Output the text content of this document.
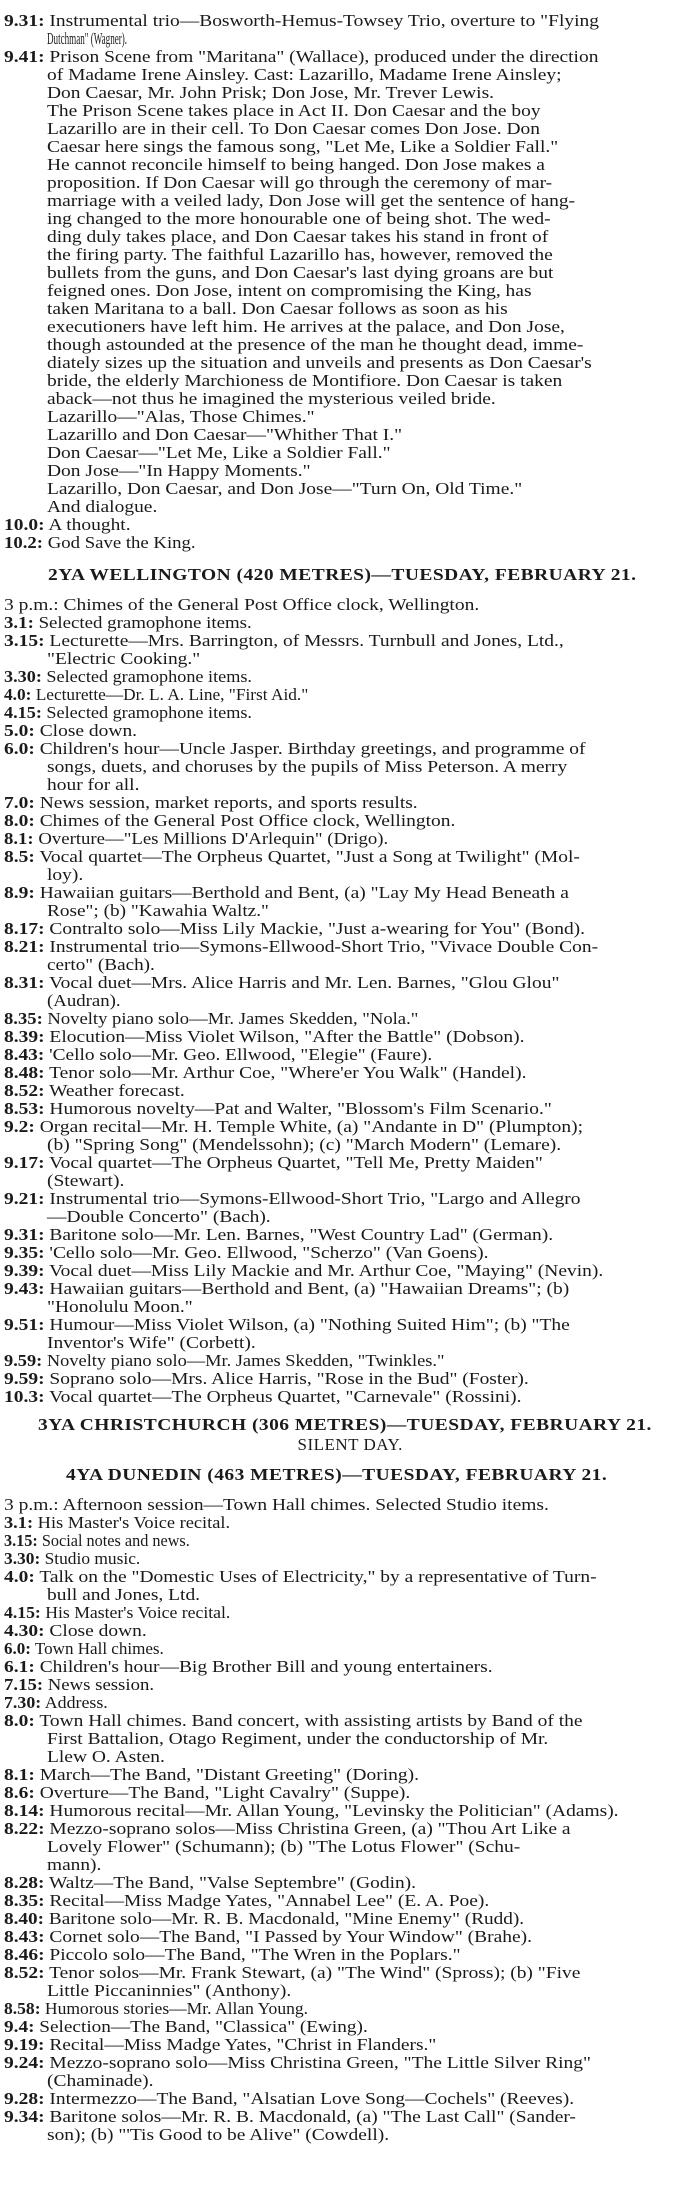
9.31: Instrumental trio—Bosworth-Hemus-Towsey Trio, overture to "Flying
Dutchman" (Wagner).
9.41: Prison Scene from "Maritana" (Wallace), produced under the direction
of Madame Irene Ainsley. Cast: Lazarillo, Madame Irene Ainsley;
Don Caesar, Mr. John Prisk; Don Jose, Mr. Trever Lewis.
The Prison Scene takes place in Act II. Don Caesar and the boy
Lazarillo are in their cell. To Don Caesar comes Don Jose. Don
Caesar here sings the famous song, "Let Me, Like a Soldier Fall."
He cannot reconcile himself to being hanged. Don Jose makes a
proposition. If Don Caesar will go through the ceremony of mar-
marriage with a veiled lady, Don Jose will get the sentence of hang-
ing changed to the more honourable one of being shot. The wed-
ding duly takes place, and Don Caesar takes his stand in front of
the firing party. The faithful Lazarillo has, however, removed the
bullets from the guns, and Don Caesar's last dying groans are but
feigned ones. Don Jose, intent on compromising the King, has
taken Maritana to a ball. Don Caesar follows as soon as his
executioners have left him. He arrives at the palace, and Don Jose,
though astounded at the presence of the man he thought dead, imme-
diately sizes up the situation and unveils and presents as Don Caesar's
bride, the elderly Marchioness de Montifiore. Don Caesar is taken
aback—not thus he imagined the mysterious veiled bride.
Lazarillo—"Alas, Those Chimes."
Lazarillo and Don Caesar—"Whither That I."
Don Caesar—"Let Me, Like a Soldier Fall."
Don Jose—"In Happy Moments."
Lazarillo, Don Caesar, and Don Jose—"Turn On, Old Time."
And dialogue.
10.0: A thought.
10.2: God Save the King.
2YA WELLINGTON (420 METRES)—TUESDAY, FEBRUARY 21.
3 p.m.: Chimes of the General Post Office clock, Wellington.
3.1: Selected gramophone items.
3.15: Lecturette—Mrs. Barrington, of Messrs. Turnbull and Jones, Ltd.,
"Electric Cooking."
3.30: Selected gramophone items.
4.0: Lecturette—Dr. L. A. Line, "First Aid."
4.15: Selected gramophone items.
5.0: Close down.
6.0: Children's hour—Uncle Jasper. Birthday greetings, and programme of
songs, duets, and choruses by the pupils of Miss Peterson. A merry
hour for all.
7.0: News session, market reports, and sports results.
8.0: Chimes of the General Post Office clock, Wellington.
8.1: Overture—"Les Millions D'Arlequin" (Drigo).
8.5: Vocal quartet—The Orpheus Quartet, "Just a Song at Twilight" (Mol-
loy).
8.9: Hawaiian guitars—Berthold and Bent, (a) "Lay My Head Beneath a
Rose"; (b) "Kawahia Waltz."
8.17: Contralto solo—Miss Lily Mackie, "Just a-wearing for You" (Bond).
8.21: Instrumental trio—Symons-Ellwood-Short Trio, "Vivace Double Con-
certo" (Bach).
8.31: Vocal duet—Mrs. Alice Harris and Mr. Len. Barnes, "Glou Glou"
(Audran).
8.35: Novelty piano solo—Mr. James Skedden, "Nola."
8.39: Elocution—Miss Violet Wilson, "After the Battle" (Dobson).
8.43: 'Cello solo—Mr. Geo. Ellwood, "Elegie" (Faure).
8.48: Tenor solo—Mr. Arthur Coe, "Where'er You Walk" (Handel).
8.52: Weather forecast.
8.53: Humorous novelty—Pat and Walter, "Blossom's Film Scenario."
9.2: Organ recital—Mr. H. Temple White, (a) "Andante in D" (Plumpton);
(b) "Spring Song" (Mendelssohn); (c) "March Modern" (Lemare).
9.17: Vocal quartet—The Orpheus Quartet, "Tell Me, Pretty Maiden"
(Stewart).
9.21: Instrumental trio—Symons-Ellwood-Short Trio, "Largo and Allegro
—Double Concerto" (Bach).
9.31: Baritone solo—Mr. Len. Barnes, "West Country Lad" (German).
9.35: 'Cello solo—Mr. Geo. Ellwood, "Scherzo" (Van Goens).
9.39: Vocal duet—Miss Lily Mackie and Mr. Arthur Coe, "Maying" (Nevin).
9.43: Hawaiian guitars—Berthold and Bent, (a) "Hawaiian Dreams"; (b)
"Honolulu Moon."
9.51: Humour—Miss Violet Wilson, (a) "Nothing Suited Him"; (b) "The
Inventor's Wife" (Corbett).
9.59: Novelty piano solo—Mr. James Skedden, "Twinkles."
9.59: Soprano solo—Mrs. Alice Harris, "Rose in the Bud" (Foster).
10.3: Vocal quartet—The Orpheus Quartet, "Carnevale" (Rossini).
3YA CHRISTCHURCH (306 METRES)—TUESDAY, FEBRUARY 21.
SILENT DAY.
4YA DUNEDIN (463 METRES)—TUESDAY, FEBRUARY 21.
3 p.m.: Afternoon session—Town Hall chimes. Selected Studio items.
3.1: His Master's Voice recital.
3.15: Social notes and news.
3.30: Studio music.
4.0: Talk on the "Domestic Uses of Electricity," by a representative of Turn-
bull and Jones, Ltd.
4.15: His Master's Voice recital.
4.30: Close down.
6.0: Town Hall chimes.
6.1: Children's hour—Big Brother Bill and young entertainers.
7.15: News session.
7.30: Address.
8.0: Town Hall chimes. Band concert, with assisting artists by Band of the
First Battalion, Otago Regiment, under the conductorship of Mr.
Llew O. Asten.
8.1: March—The Band, "Distant Greeting" (Doring).
8.6: Overture—The Band, "Light Cavalry" (Suppe).
8.14: Humorous recital—Mr. Allan Young, "Levinsky the Politician" (Adams).
8.22: Mezzo-soprano solos—Miss Christina Green, (a) "Thou Art Like a
Lovely Flower" (Schumann); (b) "The Lotus Flower" (Schu-
mann).
8.28: Waltz—The Band, "Valse Septembre" (Godin).
8.35: Recital—Miss Madge Yates, "Annabel Lee" (E. A. Poe).
8.40: Baritone solo—Mr. R. B. Macdonald, "Mine Enemy" (Rudd).
8.43: Cornet solo—The Band, "I Passed by Your Window" (Brahe).
8.46: Piccolo solo—The Band, "The Wren in the Poplars."
8.52: Tenor solos—Mr. Frank Stewart, (a) "The Wind" (Spross); (b) "Five
Little Piccaninnies" (Anthony).
8.58: Humorous stories—Mr. Allan Young.
9.4: Selection—The Band, "Classica" (Ewing).
9.19: Recital—Miss Madge Yates, "Christ in Flanders."
9.24: Mezzo-soprano solo—Miss Christina Green, "The Little Silver Ring"
(Chaminade).
9.28: Intermezzo—The Band, "Alsatian Love Song—Cochels" (Reeves).
9.34: Baritone solos—Mr. R. B. Macdonald, (a) "The Last Call" (Sander-
son); (b) "'Tis Good to be Alive" (Cowdell).
